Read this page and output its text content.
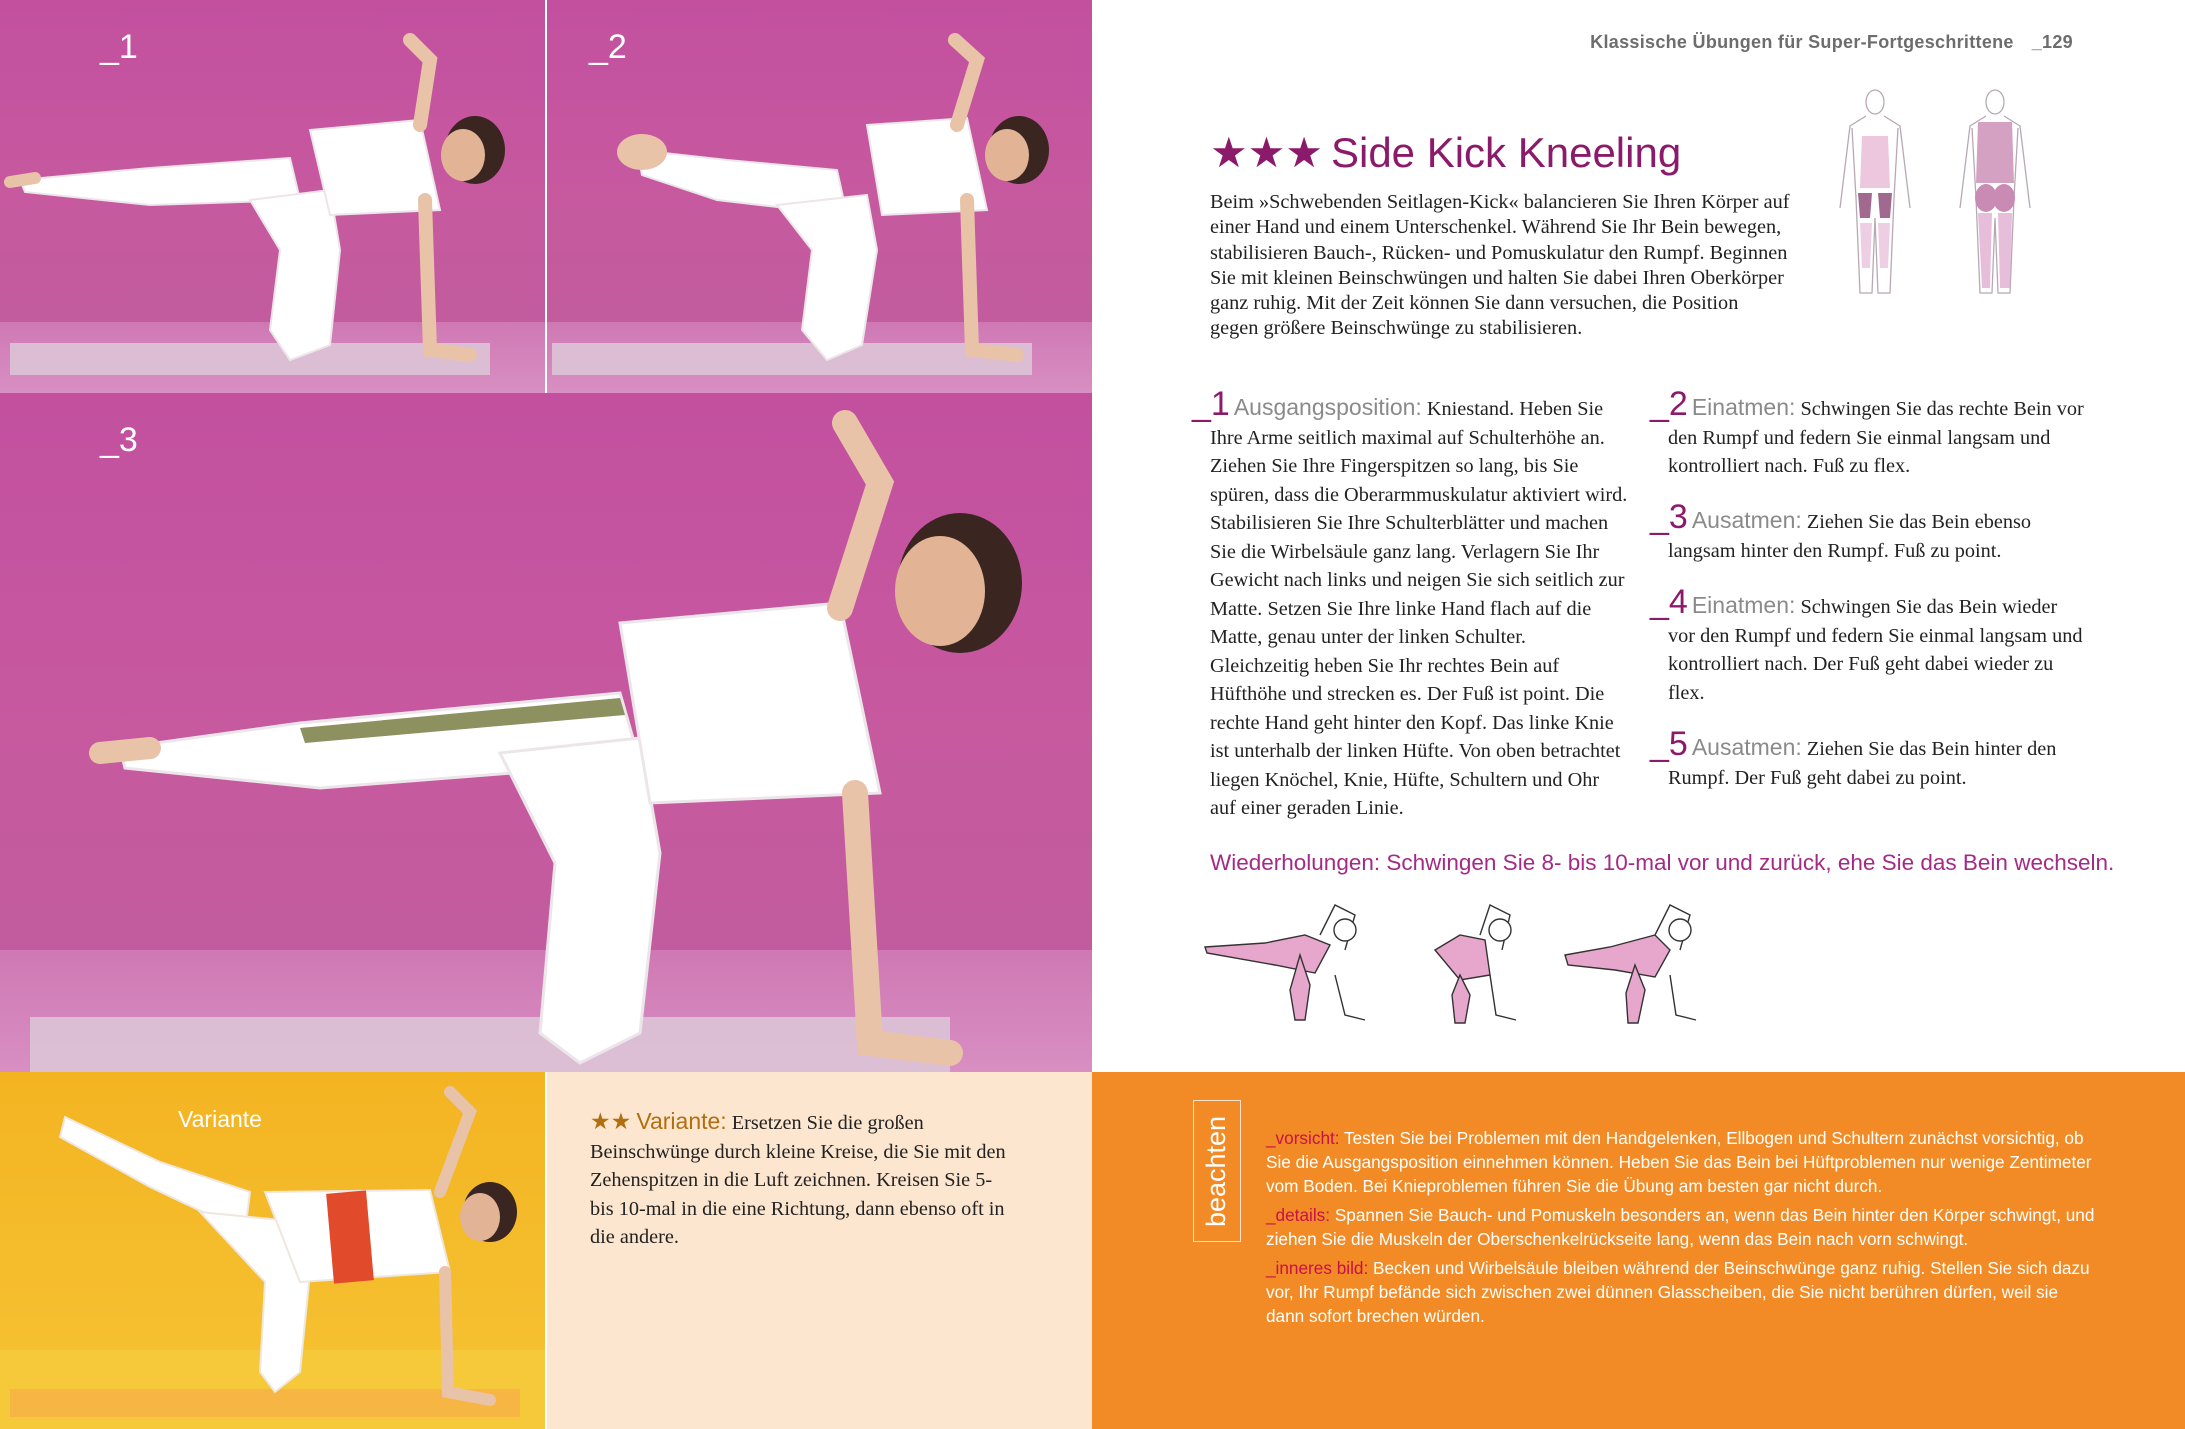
_1	_2
_3
Variante
Klassische Übungen für Super-Fortgeschrittene _129
★★★ Side Kick Kneeling
Beim »Schwebenden Seitlagen-Kick« balancieren Sie Ihren Körper auf einer Hand und einem Unterschenkel. Während Sie Ihr Bein bewegen, stabilisieren Bauch-, Rücken- und Pomuskulatur den Rumpf. Beginnen Sie mit kleinen Beinschwüngen und halten Sie dabei Ihren Oberkörper ganz ruhig. Mit der Zeit können Sie dann versuchen, die Position gegen größere Beinschwünge zu stabilisieren.
_1 Ausgangsposition: Kniestand. Heben Sie Ihre Arme seitlich maximal auf Schulterhöhe an. Ziehen Sie Ihre Fingerspitzen so lang, bis Sie spüren, dass die Oberarmmuskulatur aktiviert wird. Stabilisieren Sie Ihre Schulterblätter und machen Sie die Wirbelsäule ganz lang. Verlagern Sie Ihr Gewicht nach links und neigen Sie sich seitlich zur Matte. Setzen Sie Ihre linke Hand flach auf die Matte, genau unter der linken Schulter. Gleichzeitig heben Sie Ihr rechtes Bein auf Hüfthöhe und strecken es. Der Fuß ist point. Die rechte Hand geht hinter den Kopf. Das linke Knie ist unterhalb der linken Hüfte. Von oben betrachtet liegen Knöchel, Knie, Hüfte, Schultern und Ohr auf einer geraden Linie.
_2 Einatmen: Schwingen Sie das rechte Bein vor den Rumpf und federn Sie einmal langsam und kontrolliert nach. Fuß zu flex.
_3 Ausatmen: Ziehen Sie das Bein ebenso langsam hinter den Rumpf. Fuß zu point.
_4 Einatmen: Schwingen Sie das Bein wieder vor den Rumpf und federn Sie einmal langsam und kontrolliert nach. Der Fuß geht dabei wieder zu flex.
_5 Ausatmen: Ziehen Sie das Bein hinter den Rumpf. Der Fuß geht dabei zu point.
Wiederholungen: Schwingen Sie 8- bis 10-mal vor und zurück, ehe Sie das Bein wechseln.
★★ Variante: Ersetzen Sie die großen Beinschwünge durch kleine Kreise, die Sie mit den Zehenspitzen in die Luft zeichnen. Kreisen Sie 5- bis 10-mal in die eine Richtung, dann ebenso oft in die andere.
beachten _vorsicht: Testen Sie bei Problemen mit den Handgelenken, Ellbogen und Schultern zunächst vorsichtig, ob Sie die Ausgangsposition einnehmen können. Heben Sie das Bein bei Hüftproblemen nur wenige Zentimeter vom Boden. Bei Knieproblemen führen Sie die Übung am besten gar nicht durch.

_details: Spannen Sie Bauch- und Pomuskeln besonders an, wenn das Bein hinter den Körper schwingt, und ziehen Sie die Muskeln der Oberschenkelrückseite lang, wenn das Bein nach vorn schwingt.

_inneres bild: Becken und Wirbelsäule bleiben während der Beinschwünge ganz ruhig. Stellen Sie sich dazu vor, Ihr Rumpf befände sich zwischen zwei dünnen Glasscheiben, die Sie nicht berühren dürfen, weil sie dann sofort brechen würden.
